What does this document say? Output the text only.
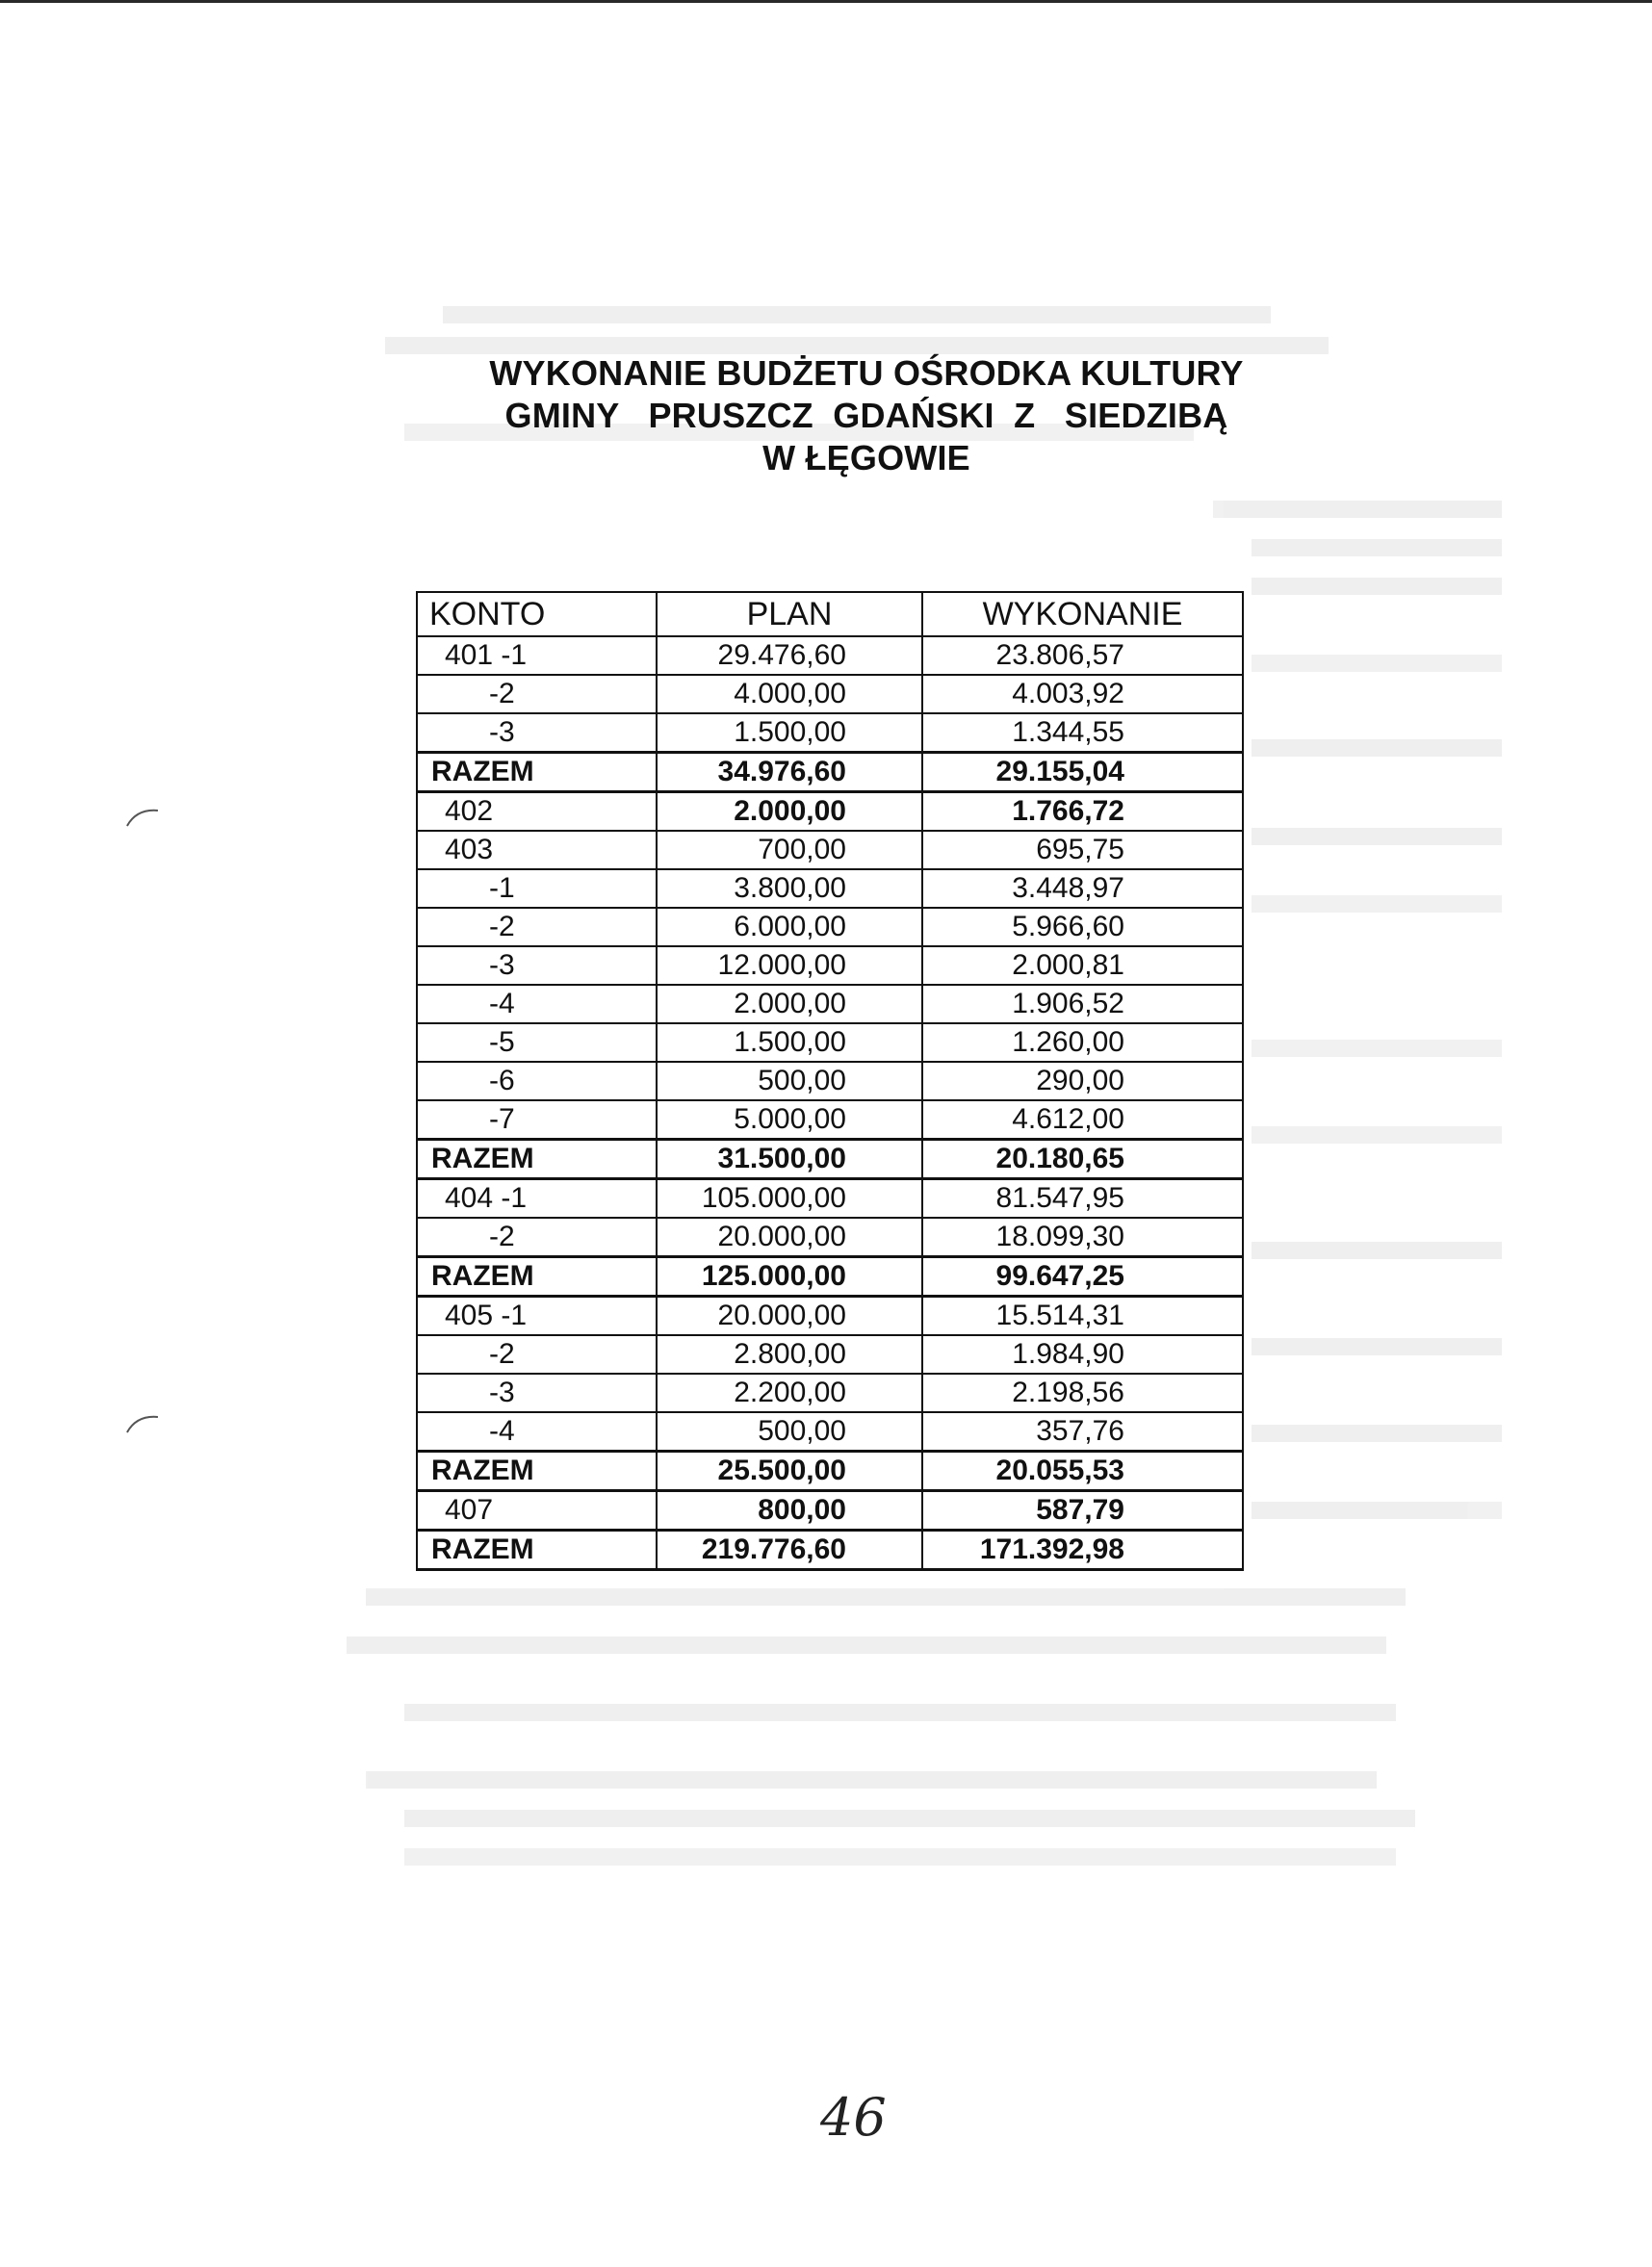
WYKONANIE BUDŻETU OŚRODKA KULTURY
GMINY   PRUSZCZ  GDAŃSKI  Z   SIEDZIBĄ
W ŁĘGOWIE
KONTO	PLAN	WYKONANIE
401 -1	29.476,60	23.806,57
-2	4.000,00	4.003,92
-3	1.500,00	1.344,55
RAZEM	34.976,60	29.155,04
402	2.000,00	1.766,72
403	700,00	695,75
-1	3.800,00	3.448,97
-2	6.000,00	5.966,60
-3	12.000,00	2.000,81
-4	2.000,00	1.906,52
-5	1.500,00	1.260,00
-6	500,00	290,00
-7	5.000,00	4.612,00
RAZEM	31.500,00	20.180,65
404 -1	105.000,00	81.547,95
-2	20.000,00	18.099,30
RAZEM	125.000,00	99.647,25
405 -1	20.000,00	15.514,31
-2	2.800,00	1.984,90
-3	2.200,00	2.198,56
-4	500,00	357,76
RAZEM	25.500,00	20.055,53
407	800,00	587,79
RAZEM	219.776,60	171.392,98
46
